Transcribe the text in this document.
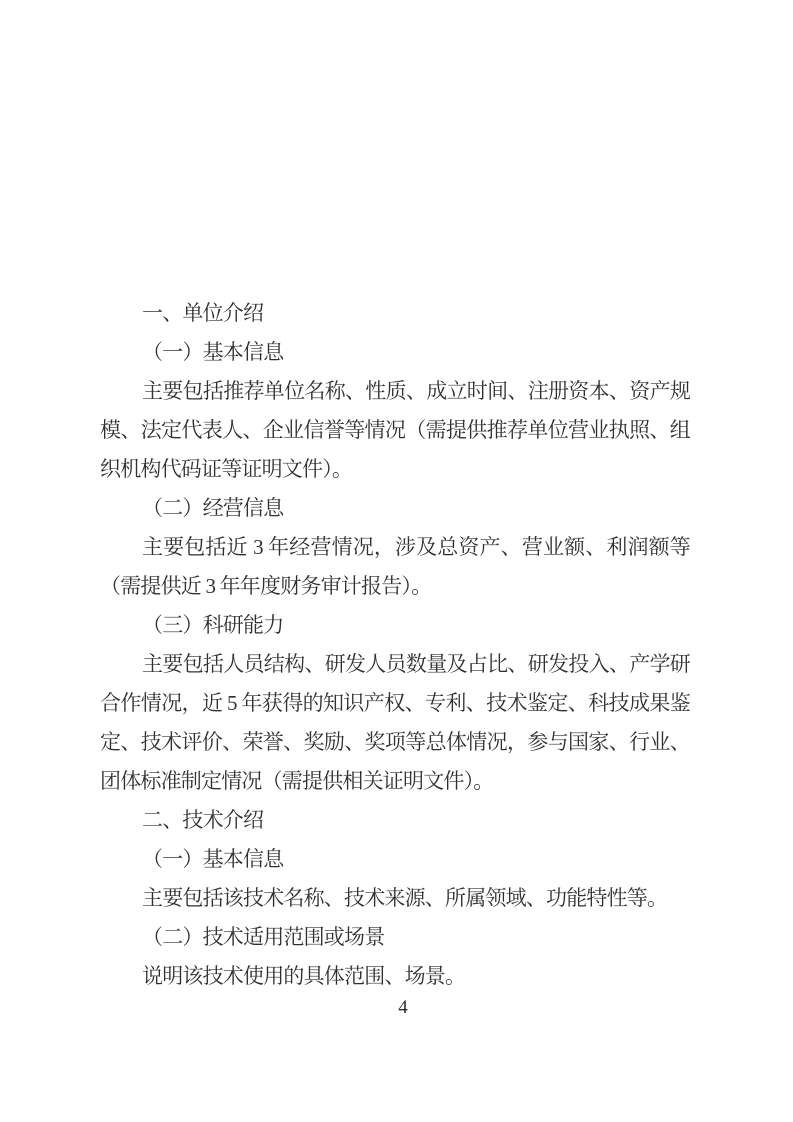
一、单位介绍

（一）基本信息

主要包括推荐单位名称、性质、成立时间、注册资本、资产规模、法定代表人、企业信誉等情况（需提供推荐单位营业执照、组织机构代码证等证明文件）。

（二）经营信息

主要包括近 3 年经营情况，涉及总资产、营业额、利润额等（需提供近 3 年年度财务审计报告）。

（三）科研能力

主要包括人员结构、研发人员数量及占比、研发投入、产学研合作情况，近 5 年获得的知识产权、专利、技术鉴定、科技成果鉴定、技术评价、荣誉、奖励、奖项等总体情况，参与国家、行业、团体标准制定情况（需提供相关证明文件）。

二、技术介绍

（一）基本信息

主要包括该技术名称、技术来源、所属领域、功能特性等。

（二）技术适用范围或场景

说明该技术使用的具体范围、场景。

4
